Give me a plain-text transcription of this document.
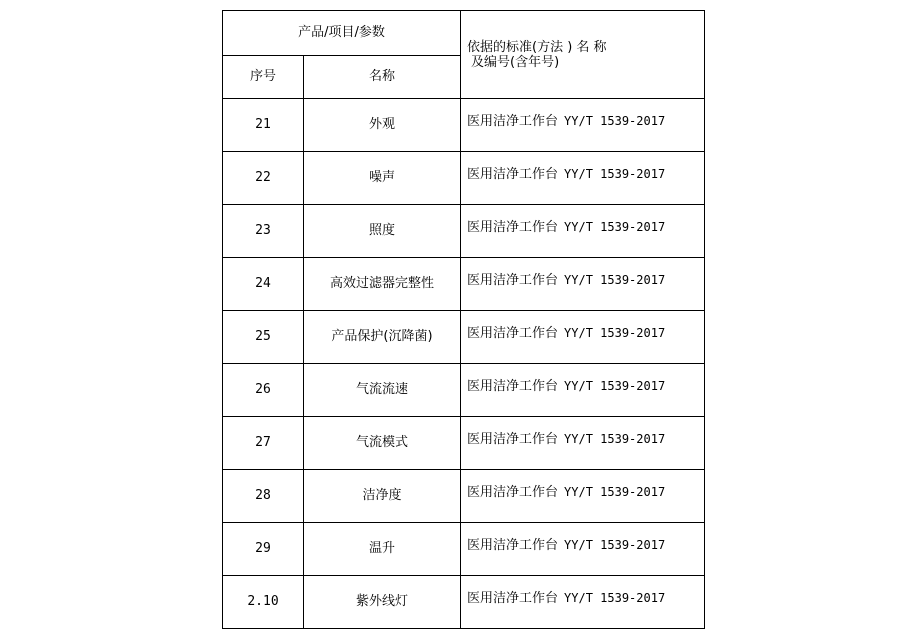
产品/项目/参数		依据的标准(方法 ) 名 称
及编号(含年号)

序号	名称	
21	外观	医用洁净工作台 YY/T 1539-2017
22	噪声	医用洁净工作台 YY/T 1539-2017
23	照度	医用洁净工作台 YY/T 1539-2017
24	高效过滤器完整性	医用洁净工作台 YY/T 1539-2017
25	产品保护(沉降菌)	医用洁净工作台 YY/T 1539-2017
26	气流流速	医用洁净工作台 YY/T 1539-2017
27	气流模式	医用洁净工作台 YY/T 1539-2017
28	洁净度	医用洁净工作台 YY/T 1539-2017
29	温升	医用洁净工作台 YY/T 1539-2017
2.10	紫外线灯	医用洁净工作台 YY/T 1539-2017
